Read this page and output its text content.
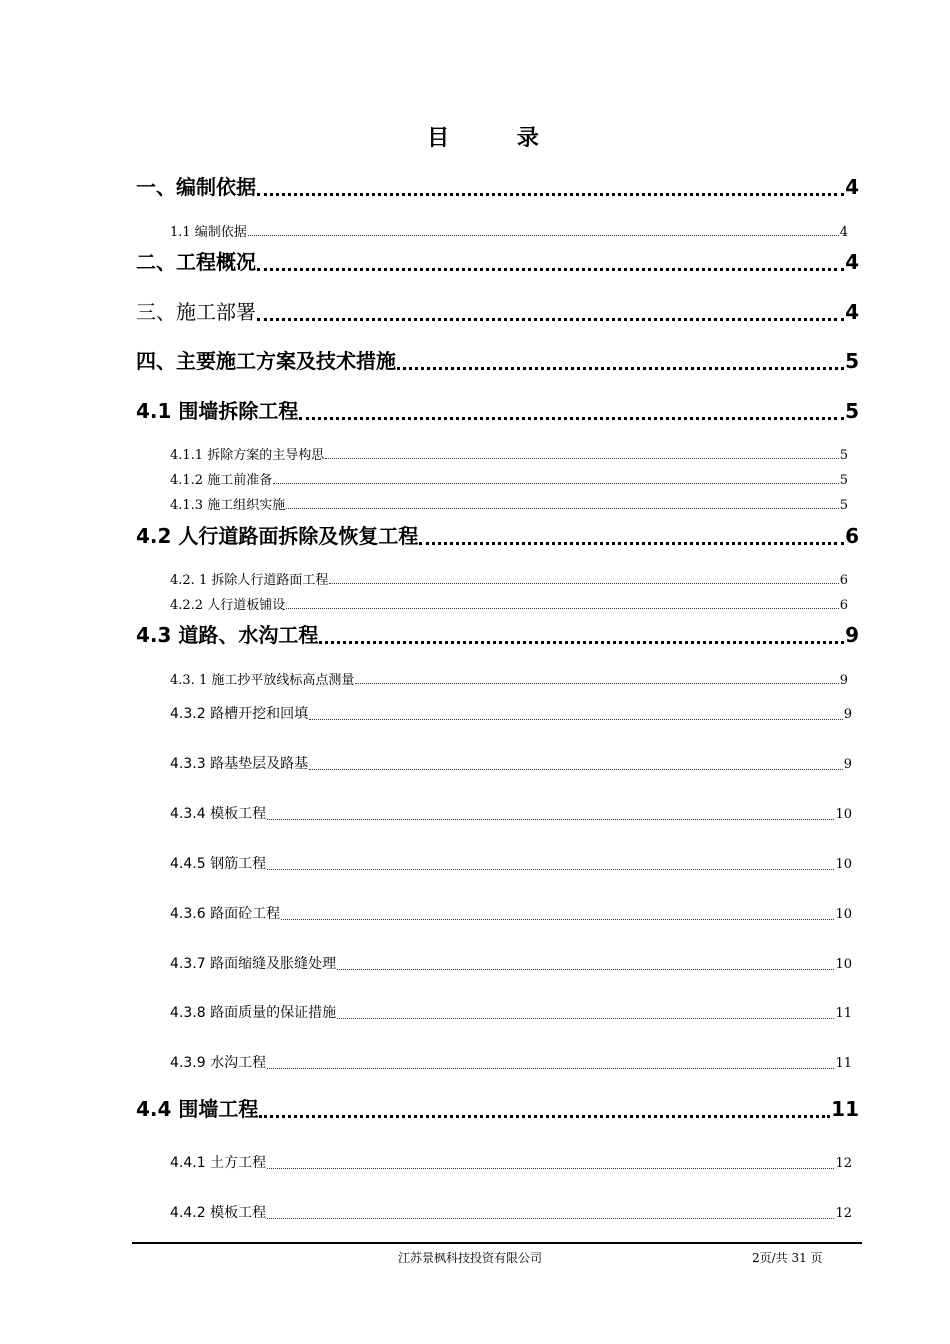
目 录
一、编制依据	4
1.1 编制依据	4
二、工程概况	4
三、施工部署	4
四、主要施工方案及技术措施	5
4.1 围墙拆除工程	5
4.1.1 拆除方案的主导构思	5
4.1.2 施工前准备	5
4.1.3 施工组织实施	5
4.2 人行道路面拆除及恢复工程	6
4.2. 1 拆除人行道路面工程	6
4.2.2 人行道板铺设	6
4.3 道路、水沟工程	9
4.3. 1 施工抄平放线标高点测量	9
4.3.2 路槽开挖和回填	9
4.3.3 路基垫层及路基	9
4.3.4 模板工程	10
4.4.5 钢筋工程	10
4.3.6 路面砼工程	10
4.3.7 路面缩缝及胀缝处理	10
4.3.8 路面质量的保证措施	11
4.3.9 水沟工程	11
4.4 围墙工程	11
4.4.1 土方工程	12
4.4.2 模板工程	12
江苏景枫科技投资有限公司	2页/共 31 页
